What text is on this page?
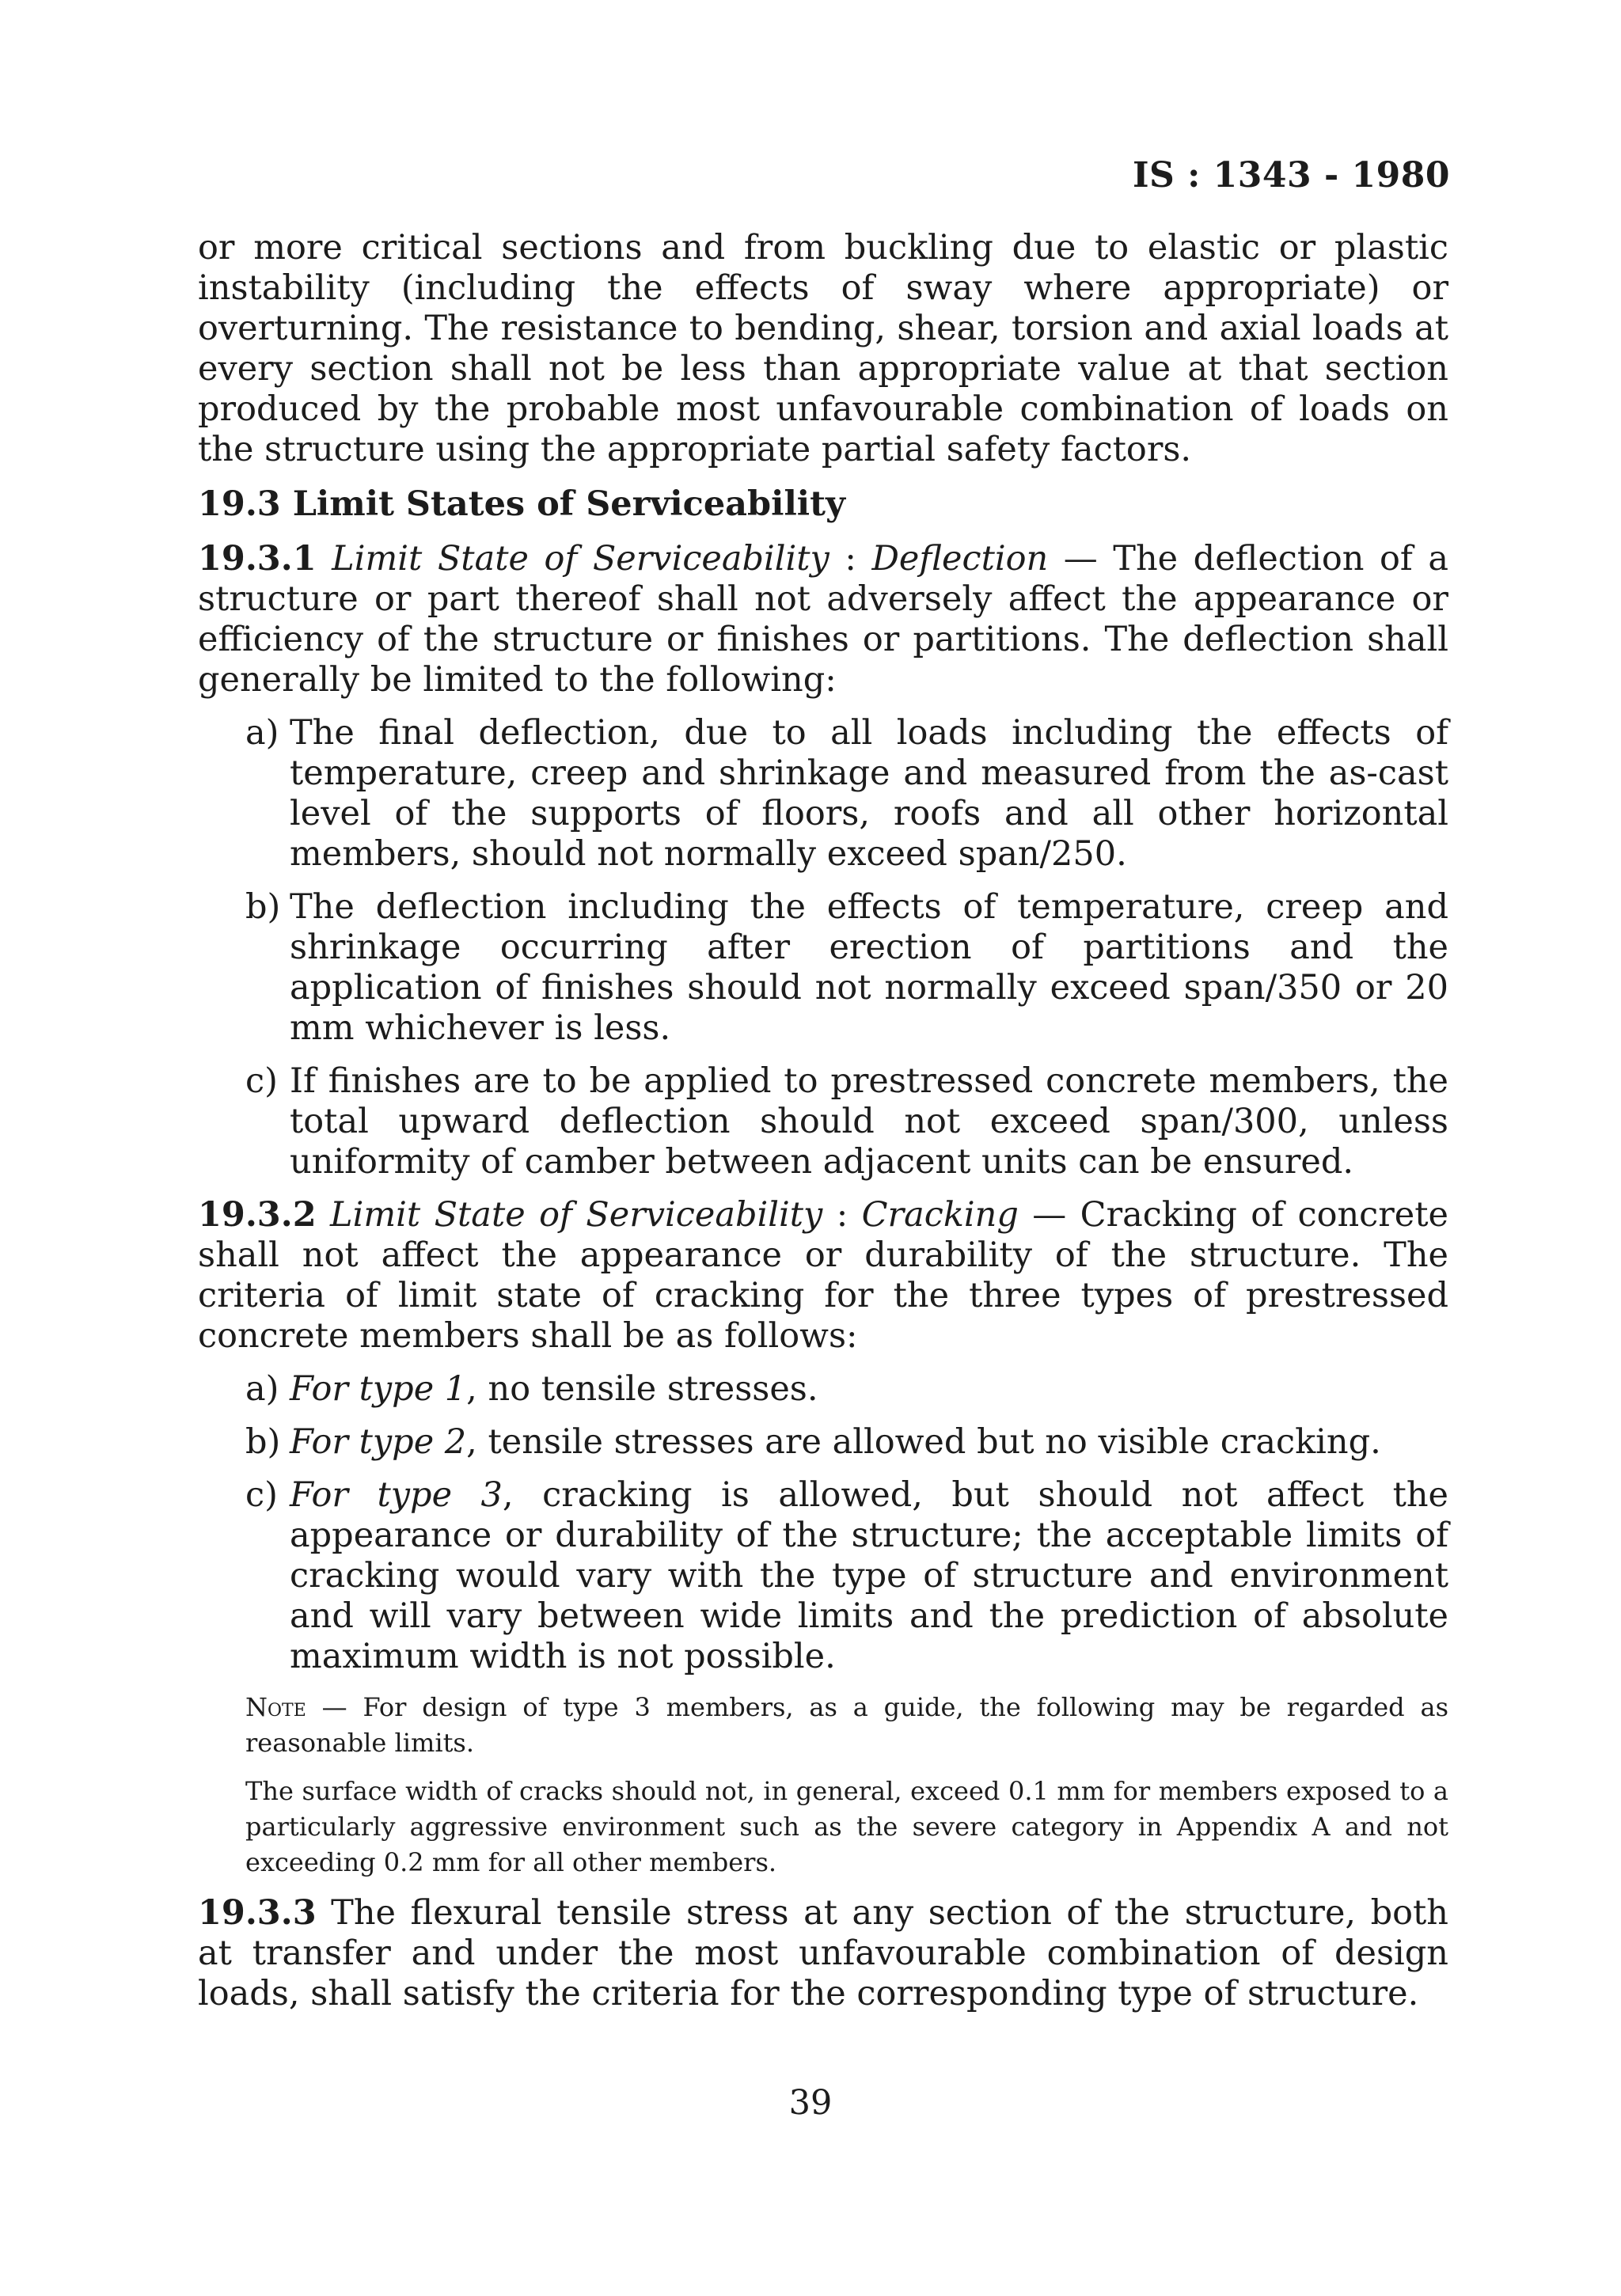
IS : 1343 - 1980

or more critical sections and from buckling due to elastic or plastic instability (including the effects of sway where appropriate) or overturning. The resistance to bending, shear, torsion and axial loads at every section shall not be less than appropriate value at that section produced by the probable most unfavourable combination of loads on the structure using the appropriate partial safety factors.

19.3 Limit States of Serviceability

19.3.1 Limit State of Serviceability : Deflection — The deflection of a structure or part thereof shall not adversely affect the appearance or efficiency of the structure or finishes or partitions. The deflection shall generally be limited to the following:

a) The final deflection, due to all loads including the effects of temperature, creep and shrinkage and measured from the as-cast level of the supports of floors, roofs and all other horizontal members, should not normally exceed span/250.
b) The deflection including the effects of temperature, creep and shrinkage occurring after erection of partitions and the application of finishes should not normally exceed span/350 or 20 mm whichever is less.
c) If finishes are to be applied to prestressed concrete members, the total upward deflection should not exceed span/300, unless uniformity of camber between adjacent units can be ensured.

19.3.2 Limit State of Serviceability : Cracking — Cracking of concrete shall not affect the appearance or durability of the structure. The criteria of limit state of cracking for the three types of prestressed concrete members shall be as follows:

a) For type 1, no tensile stresses.
b) For type 2, tensile stresses are allowed but no visible cracking.
c) For type 3, cracking is allowed, but should not affect the appearance or durability of the structure; the acceptable limits of cracking would vary with the type of structure and environment and will vary between wide limits and the prediction of absolute maximum width is not possible.

Note — For design of type 3 members, as a guide, the following may be regarded as reasonable limits.

The surface width of cracks should not, in general, exceed 0.1 mm for members exposed to a particularly aggressive environment such as the severe category in Appendix A and not exceeding 0.2 mm for all other members.

19.3.3 The flexural tensile stress at any section of the structure, both at transfer and under the most unfavourable combination of design loads, shall satisfy the criteria for the corresponding type of structure.

39
